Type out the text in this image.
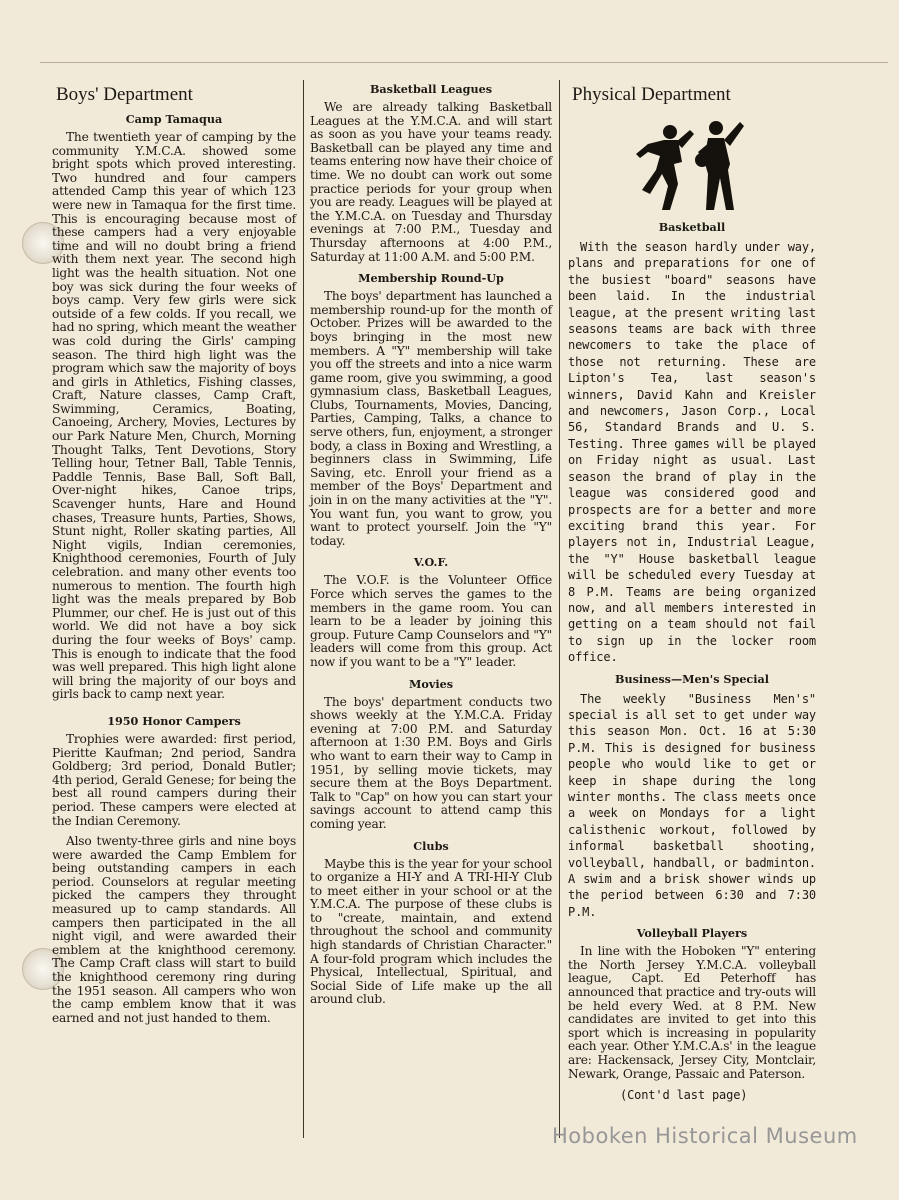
Boys' Department
Camp Tamaqua

The twentieth year of camping by the community Y.M.C.A. showed some bright spots which proved interesting. Two hundred and four campers attended Camp this year of which 123 were new in Tamaqua for the first time. This is encouraging because most of these campers had a very enjoyable time and will no doubt bring a friend with them next year. The second high light was the health situation. Not one boy was sick during the four weeks of boys camp. Very few girls were sick outside of a few colds. If you recall, we had no spring, which meant the weather was cold during the Girls' camping season. The third high light was the program which saw the majority of boys and girls in Athletics, Fishing classes, Craft, Nature classes, Camp Craft, Swimming, Ceramics, Boating, Canoeing, Archery, Movies, Lectures by our Park Nature Men, Church, Morning Thought Talks, Tent Devotions, Story Telling hour, Tetner Ball, Table Tennis, Paddle Tennis, Base Ball, Soft Ball, Over-night hikes, Canoe trips, Scavenger hunts, Hare and Hound chases, Treasure hunts, Parties, Shows, Stunt night, Roller skating parties, All Night vigils, Indian ceremonies, Knighthood ceremonies, Fourth of July celebration. and many other events too numerous to mention. The fourth high light was the meals prepared by Bob Plummer, our chef. He is just out of this world. We did not have a boy sick during the four weeks of Boys' camp. This is enough to indicate that the food was well prepared. This high light alone will bring the majority of our boys and girls back to camp next year.

1950 Honor Campers

Trophies were awarded: first period, Pieritte Kaufman; 2nd period, Sandra Goldberg; 3rd period, Donald Butler; 4th period, Gerald Genese; for being the best all round campers during their period. These campers were elected at the Indian Ceremony.

Also twenty-three girls and nine boys were awarded the Camp Emblem for being outstanding campers in each period. Counselors at regular meeting picked the campers they throught measured up to camp standards. All campers then participated in the all night vigil, and were awarded their emblem at the knighthood ceremony. The Camp Craft class will start to build the knighthood ceremony ring during the 1951 season. All campers who won the camp emblem know that it was earned and not just handed to them.

Basketball Leagues

We are already talking Basketball Leagues at the Y.M.C.A. and will start as soon as you have your teams ready. Basketball can be played any time and teams entering now have their choice of time. We no doubt can work out some practice periods for your group when you are ready. Leagues will be played at the Y.M.C.A. on Tuesday and Thursday evenings at 7:00 P.M., Tuesday and Thursday afternoons at 4:00 P.M., Saturday at 11:00 A.M. and 5:00 P.M.

Membership Round-Up

The boys' department has launched a membership round-up for the month of October. Prizes will be awarded to the boys bringing in the most new members. A "Y" membership will take you off the streets and into a nice warm game room, give you swimming, a good gymnasium class, Basketball Leagues, Clubs, Tournaments, Movies, Dancing, Parties, Camping, Talks, a chance to serve others, fun, enjoyment, a stronger body, a class in Boxing and Wrestling, a beginners class in Swimming, Life Saving, etc. Enroll your friend as a member of the Boys' Department and join in on the many activities at the "Y". You want fun, you want to grow, you want to protect yourself. Join the "Y" today.

V.O.F.

The V.O.F. is the Volunteer Office Force which serves the games to the members in the game room. You can learn to be a leader by joining this group. Future Camp Counselors and "Y" leaders will come from this group. Act now if you want to be a "Y" leader.

Movies

The boys' department conducts two shows weekly at the Y.M.C.A. Friday evening at 7:00 P.M. and Saturday afternoon at 1:30 P.M. Boys and Girls who want to earn their way to Camp in 1951, by selling movie tickets, may secure them at the Boys Department. Talk to "Cap" on how you can start your savings account to attend camp this coming year.

Clubs

Maybe this is the year for your school to organize a HI-Y and A TRI-HI-Y Club to meet either in your school or at the Y.M.C.A. The purpose of these clubs is to "create, maintain, and extend throughout the school and community high standards of Christian Character." A four-fold program which includes the Physical, Intellectual, Spiritual, and Social Side of Life make up the all around club.

Physical Department
Basketball

With the season hardly under way, plans and preparations for one of the busiest "board" seasons have been laid. In the industrial league, at the present writing last seasons teams are back with three newcomers to take the place of those not returning. These are Lipton's Tea, last season's winners, David Kahn and Kreisler and newcomers, Jason Corp., Local 56, Standard Brands and U. S. Testing. Three games will be played on Friday night as usual. Last season the brand of play in the league was considered good and prospects are for a better and more exciting brand this year. For players not in, Industrial League, the "Y" House basketball league will be scheduled every Tuesday at 8 P.M. Teams are being organized now, and all members interested in getting on a team should not fail to sign up in the locker room office.

Business—Men's Special

The weekly "Business Men's" special is all set to get under way this season Mon. Oct. 16 at 5:30 P.M. This is designed for business people who would like to get or keep in shape during the long winter months. The class meets once a week on Mondays for a light calisthenic workout, followed by informal basketball shooting, volleyball, handball, or badminton. A swim and a brisk shower winds up the period between 6:30 and 7:30 P.M.

Volleyball Players

In line with the Hoboken "Y" entering the North Jersey Y.M.C.A. volleyball league, Capt. Ed Peterhoff has announced that practice and try-outs will be held every Wed. at 8 P.M. New candidates are invited to get into this sport which is increasing in popularity each year. Other Y.M.C.A.s' in the league are: Hackensack, Jersey City, Montclair, Newark, Orange, Passaic and Paterson.

(Cont'd last page)

Hoboken Historical Museum
